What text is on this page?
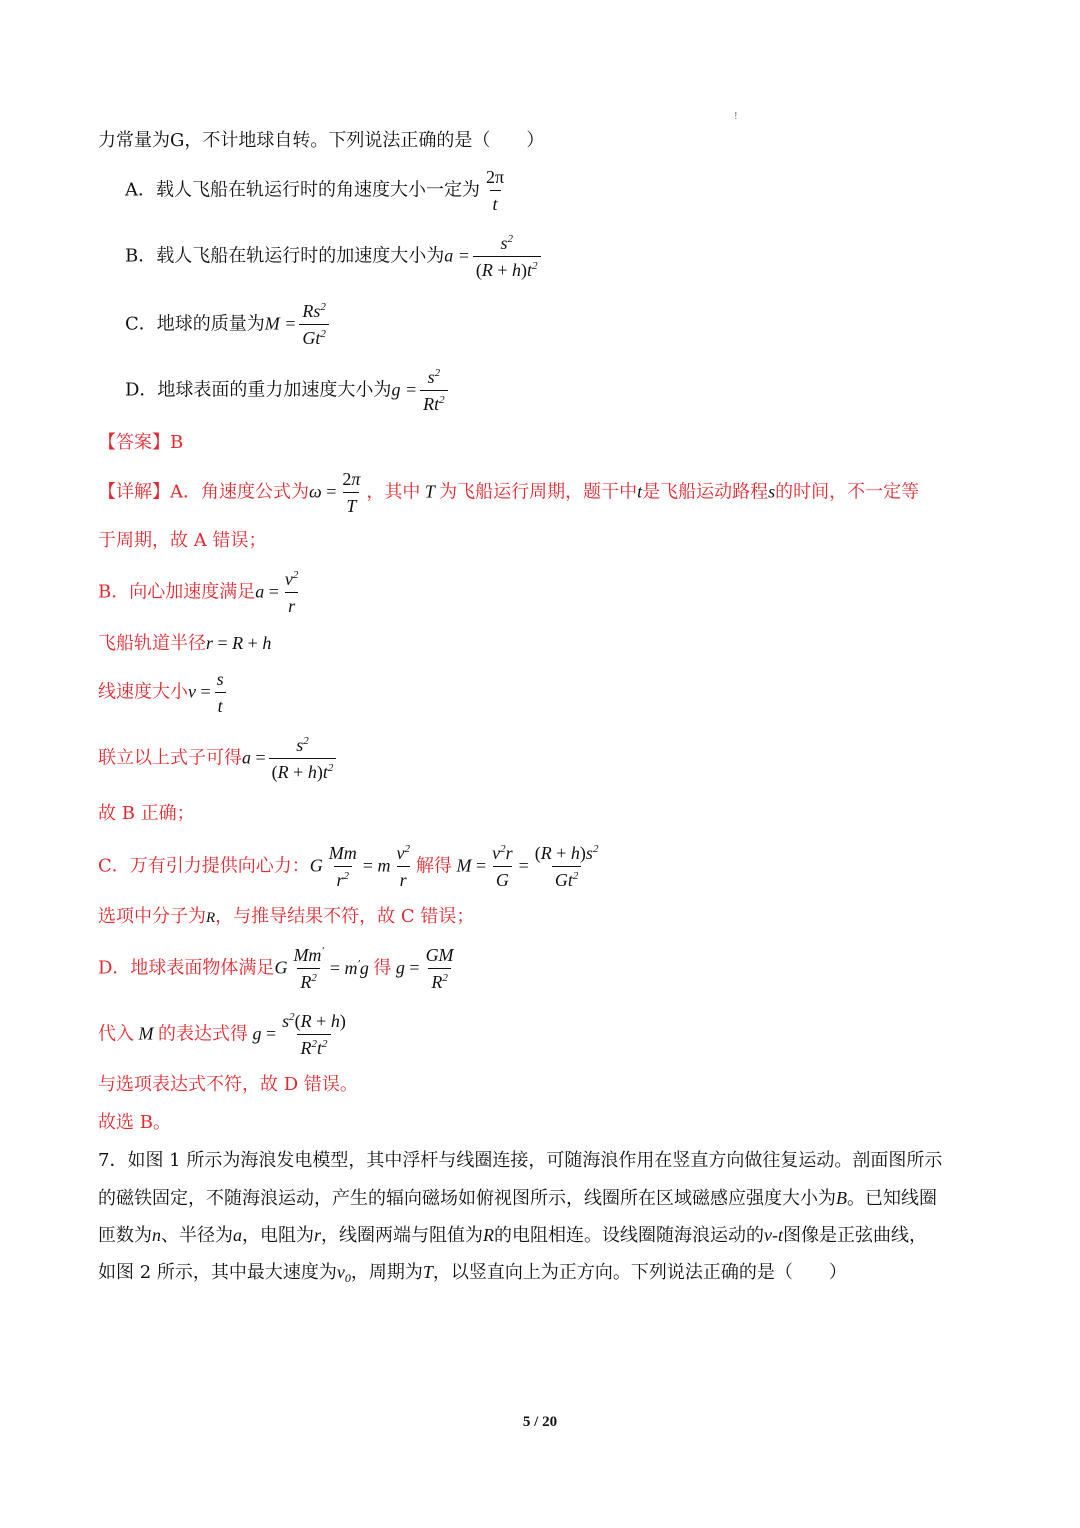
!
力常量为G，不计地球自转。下列说法正确的是（　　）
A．载人飞船在轨运行时的角速度大小一定为 $\frac{2\pi}{t}$
B．载人飞船在轨运行时的加速度大小为$a = \frac{s^2}{(R + h)t^2}$
C．地球的质量为$M = \frac{Rs^2}{Gt^2}$
D．地球表面的重力加速度大小为$g = \frac{s^2}{Rt^2}$
【答案】B
【详解】A．角速度公式为$\omega = \frac{2\pi}{T}$ ，其中 T 为飞船运行周期，题干中t是飞船运动路程s的时间，不一定等
于周期，故 A 错误；
B．向心加速度满足$a = \frac{v^2}{r}$
飞船轨道半径r = R + h
线速度大小$v = \frac{s}{t}$
联立以上式子可得$a = \frac{s^2}{(R + h)t^2}$
故 B 正确；
C．万有引力提供向心力：G $\frac{Mm}{r^2} = m \frac{v^2}{r}$ 解得 $M = \frac{v^2r}{G} = \frac{(R + h)s^2}{Gt^2}$
选项中分子为R，与推导结果不符，故 C 错误；
D．地球表面物体满足G $\frac{Mm'}{R^2} = m'g$ 得 $g = \frac{GM}{R^2}$
代入 M 的表达式得 $g = \frac{s^2(R + h)}{R^2t^2}$
与选项表达式不符，故 D 错误。
故选 B。
7．如图 1 所示为海浪发电模型，其中浮杆与线圈连接，可随海浪作用在竖直方向做往复运动。剖面图所示
的磁铁固定，不随海浪运动，产生的辐向磁场如俯视图所示，线圈所在区域磁感应强度大小为B。已知线圈
匝数为n、半径为a，电阻为r，线圈两端与阻值为R的电阻相连。设线圈随海浪运动的v-t图像是正弦曲线，
如图 2 所示，其中最大速度为$v_0$，周期为T，以竖直向上为正方向。下列说法正确的是（　　）
5 / 20
